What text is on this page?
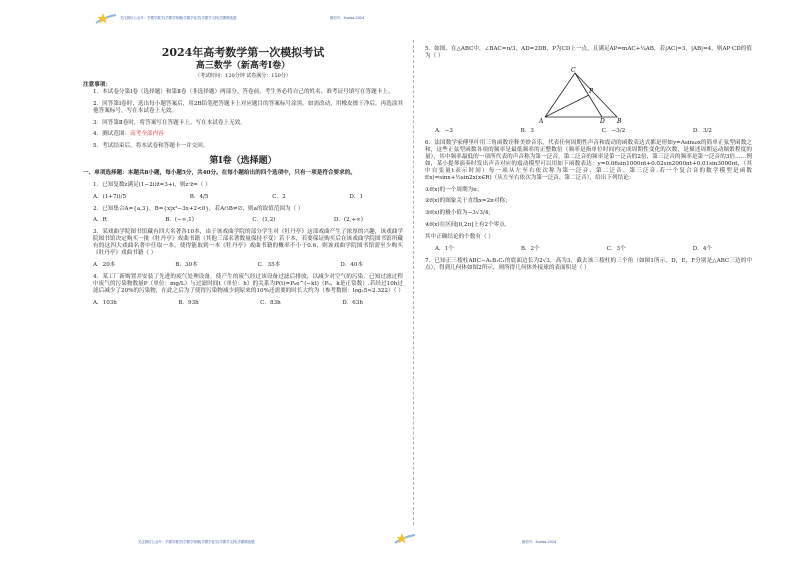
关注微信公众号：学霸学数学|学霸学物理|学霸学化学|学霸学文科|学霸精选题	微信号：Xueba-2024
2024年高考数学第一次模拟考试
高三数学（新高考Ⅰ卷）
（考试时间：120分钟 试卷满分：150分）
注意事项：

1．本试卷分第Ⅰ卷（选择题）和第Ⅱ卷（非选择题）两部分。答卷前，考生务必将自己的姓名、准考证号填写在答题卡上。

2．回答第Ⅰ卷时，选出每小题答案后，用2B铅笔把答题卡上对应题目的答案标号涂黑。如需改动，用橡皮擦干净后，再选涂其他答案标号。写在本试卷上无效。

3．回答第Ⅱ卷时，将答案写在答题卡上。写在本试卷上无效。

4．测试范围：高考全部内容

5．考试结束后，将本试卷和答题卡一并交回。

第Ⅰ卷（选择题）

一、单项选择题：本题共8小题，每小题5分，共40分。在每小题给出的四个选项中，只有一项是符合要求的。

1．已知复数z满足(1−2i)z̄=3+i，则z·z̄=（ ）

A．(1+7i)/5	B．4/5	C．2	D．1

2．已知集合A={a,3}，B={x|x²−3x+2<0}，若A∩B≠∅，则a的取值范围为（ ）

A．R	B．(−∞,1)	C．(1,2)	D．(2,+∞)

3．某戏曲学院图书馆藏有四大名著各10本，由于该戏曲学院的部分学生对《牡丹亭》这部戏曲产生了浓厚的兴趣，该戏曲学院图书馆决定购买一批《牡丹亭》戏曲书籍（其他三部名著数量保持不变）若干本，若要保证购买后在该戏曲学院图书馆所藏有的这四大戏曲名著中任取一本，使得能取到一本《牡丹亭》戏曲书籍的概率不小于0.6，则该戏曲学院图书馆需至少购买《牡丹亭》戏曲书籍（ ）

A．20本	B．30本	C．35本	D．40本

4．某工厂新购置并安装了先进的废气处理设备，使产生的废气经过该设备过滤后排放，以减少对空气的污染．已知过滤过程中废气的污染物数量P（单位：mg/L）与过滤时间t（单位：h）的关系为P(t)=P₀e^(−kt)（P₀，k是正常数）.若经过10h过滤后减少了20%的污染物，在此之后为了使得污染物减少到原来的10%还需要的时长大约为（参考数据：log₂5≈2.322）（ ）

A．103h	B．93h	C．83h	D．63h

5．如图，在△ABC中，∠BAC=π/3，AD=2DB，P为CD上一点，且满足AP=mAC+¼AB，若|AC|=3，|AB|=4，则AP·CD的值为（ ）

C
P
A	D B
A．−3	B．3	C．−3/2	D．3/2

6．法国数学家傅里叶用三角函数诠释美妙音乐，代表任何周期性声音和震动的函数表达式都是形如y=Asinωx的简单正弦型函数之和，这些正弦型函数各项的频率是最低频率的正整数倍（频率是指单位时间内完成周期性变化的次数，是描述周期运动频繁程度的量），其中频率最低的一项所代表的声音称为第一泛音，第二泛音的频率是第一泛音的2倍，第三泛音的频率是第一泛音的3倍……例如，某小提琴演奏时发出声音对应的震动模型可以用如下函数表达：y=0.06sin1000πt+0.02sin2000πt+0.01sin3000πt，（其中自变量t表示时间）每一项从左至右依次称为第一泛音、第二泛音、第三泛音.若一个复合音的数学模型是函数f(x)=sinx+½sin2x(x∈R)（从左至右依次为第一泛音、第二泛音），给出下列结论：

①f(x)的一个周期为π；

②f(x)的图象关于直线x=2π对称；

③f(x)的极小值为−3√3/4；

④f(x)在区间[0,2π]上有2个零点.

其中正确结论的个数有（ ）

A．1个	B．2个	C．3个	D．4个

7．已知正三棱柱ABC−A₁B₁C₁的底面边长为2√3，高为3，截去该三棱柱的三个角（如图1所示，D，E，F分别是△ABC三边的中点），得到几何体如图2所示，则所得几何体外接球的表面积是（ ）

关注微信公众号：学霸学数学|学霸学物理|学霸学化学|学霸学文科|学霸精选题	微信号：Xueba-2024
